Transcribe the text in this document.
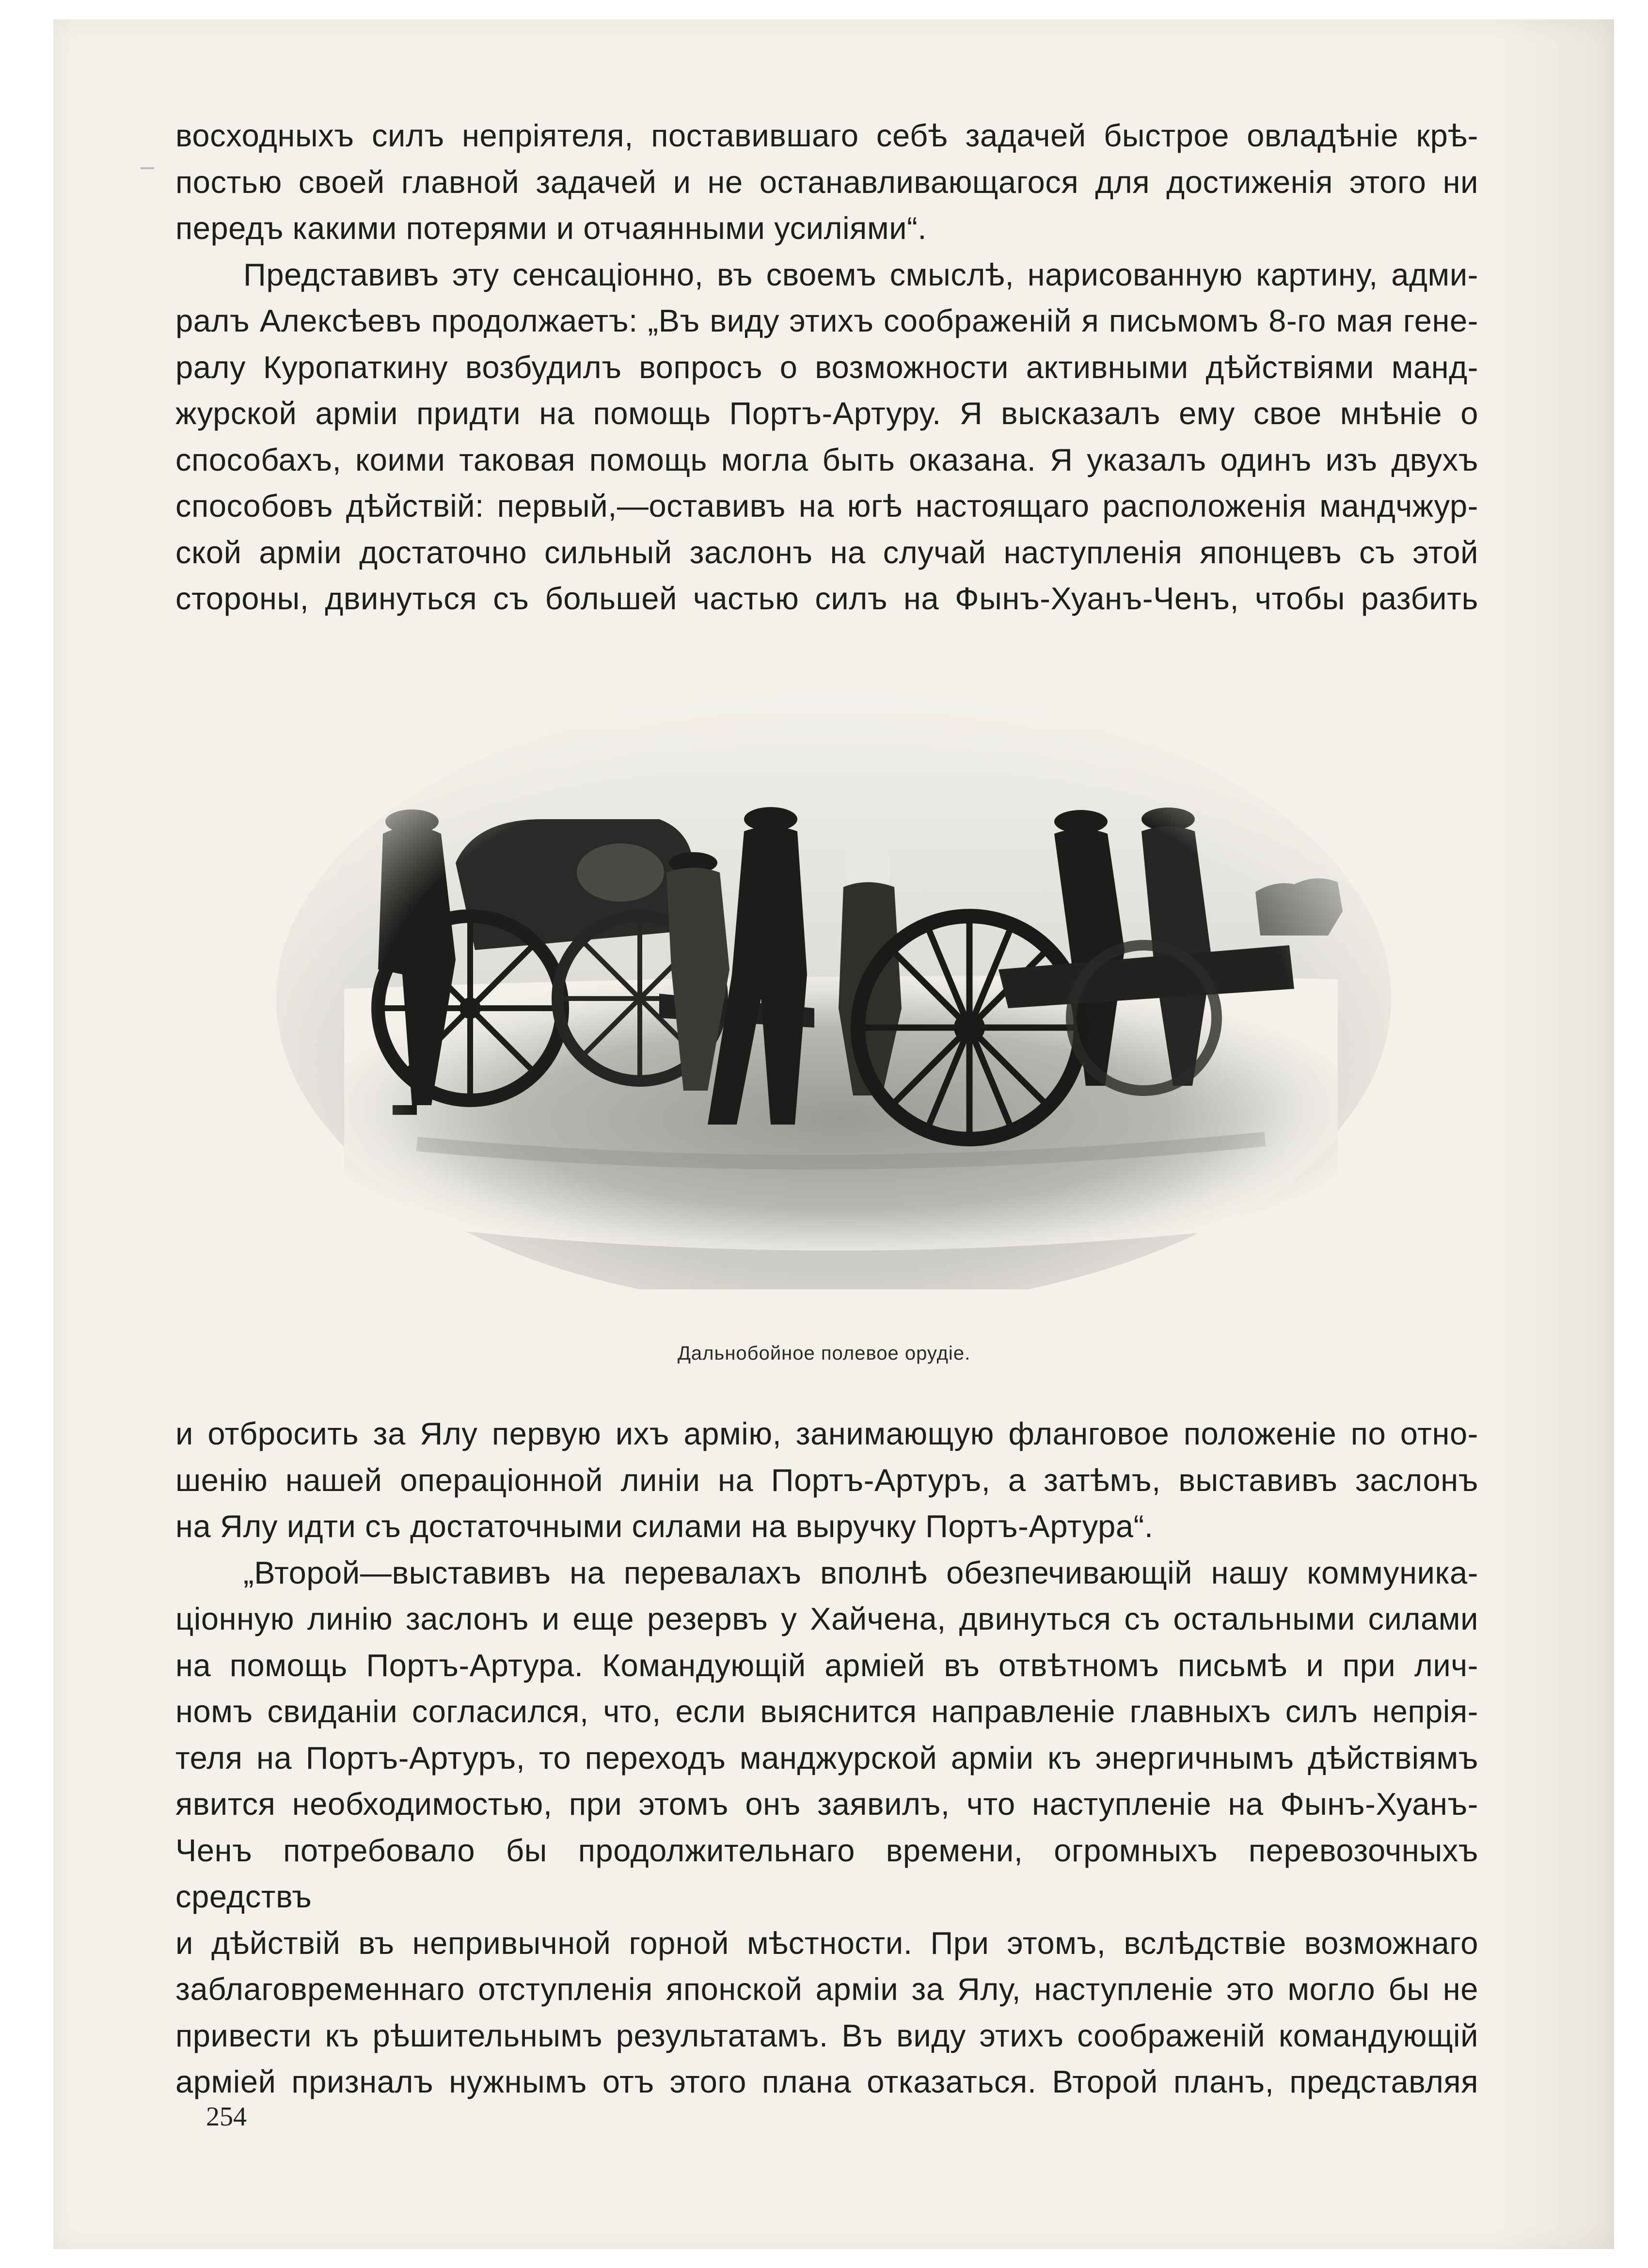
восходныхъ силъ непріятеля, поставившаго себѣ задачей быстрое овладѣніе крѣ-
постью своей главной задачей и не останавливающагося для достиженія этого ни
передъ какими потерями и отчаянными усиліями“.

Представивъ эту сенсаціонно, въ своемъ смыслѣ, нарисованную картину, адми-
ралъ Алексѣевъ продолжаетъ: „Въ виду этихъ соображеній я письмомъ 8-го мая гене-
ралу Куропаткину возбудилъ вопросъ о возможности активными дѣйствіями манд-
журской арміи придти на помощь Портъ-Артуру. Я высказалъ ему свое мнѣніе о
способахъ, коими таковая помощь могла быть оказана. Я указалъ одинъ изъ двухъ
способовъ дѣйствій: первый,—оставивъ на югѣ настоящаго расположенія мандчжур-
ской арміи достаточно сильный заслонъ на случай наступленія японцевъ съ этой
стороны, двинуться съ большей частью силъ на Фынъ-Хуанъ-Ченъ, чтобы разбить

Дальнобойное полевое орудіе.

и отбросить за Ялу первую ихъ армію, занимающую фланговое положеніе по отно-
шенію нашей операціонной линіи на Портъ-Артуръ, а затѣмъ, выставивъ заслонъ
на Ялу идти съ достаточными силами на выручку Портъ-Артура“.

„Второй—выставивъ на перевалахъ вполнѣ обезпечивающій нашу коммуника-
ціонную линію заслонъ и еще резервъ у Хайчена, двинуться съ остальными силами
на помощь Портъ-Артура. Командующій арміей въ отвѣтномъ письмѣ и при лич-
номъ свиданіи согласился, что, если выяснится направленіе главныхъ силъ непрія-
теля на Портъ-Артуръ, то переходъ манджурской арміи къ энергичнымъ дѣйствіямъ
явится необходимостью, при этомъ онъ заявилъ, что наступленіе на Фынъ-Хуанъ-
Ченъ потребовало бы продолжительнаго времени, огромныхъ перевозочныхъ средствъ
и дѣйствій въ непривычной горной мѣстности. При этомъ, вслѣдствіе возможнаго
заблаговременнаго отступленія японской арміи за Ялу, наступленіе это могло бы не
привести къ рѣшительнымъ результатамъ. Въ виду этихъ соображеній командующій
арміей призналъ нужнымъ отъ этого плана отказаться. Второй планъ, представляя

254
